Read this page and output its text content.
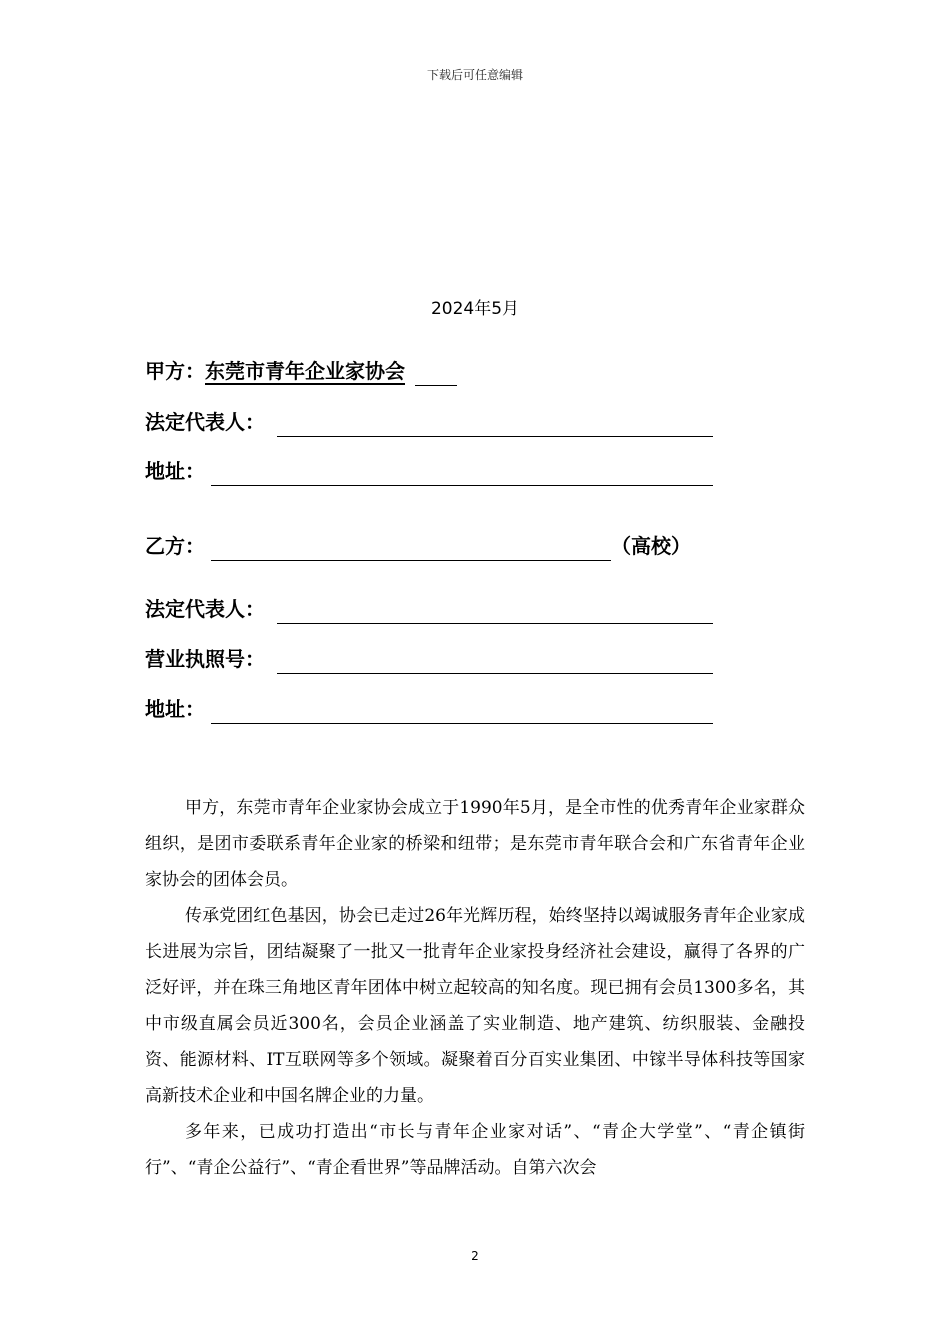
下载后可任意编辑
2024年5月
甲方：东莞市青年企业家协会
法定代表人：
地址：
乙方：	（高校）
法定代表人：
营业执照号：
地址：

甲方，东莞市青年企业家协会成立于1990年5月，是全市性的优秀青年企业家群众组织，是团市委联系青年企业家的桥梁和纽带；是东莞市青年联合会和广东省青年企业家协会的团体会员。

传承党团红色基因，协会已走过26年光辉历程，始终坚持以竭诚服务青年企业家成长进展为宗旨，团结凝聚了一批又一批青年企业家投身经济社会建设，赢得了各界的广泛好评，并在珠三角地区青年团体中树立起较高的知名度。现已拥有会员1300多名，其中市级直属会员近300名，会员企业涵盖了实业制造、地产建筑、纺织服装、金融投资、能源材料、IT互联网等多个领域。凝聚着百分百实业集团、中镓半导体科技等国家高新技术企业和中国名牌企业的力量。

多年来，已成功打造出“市长与青年企业家对话”、“青企大学堂”、“青企镇街行”、“青企公益行”、“青企看世界”等品牌活动。自第六次会

2
